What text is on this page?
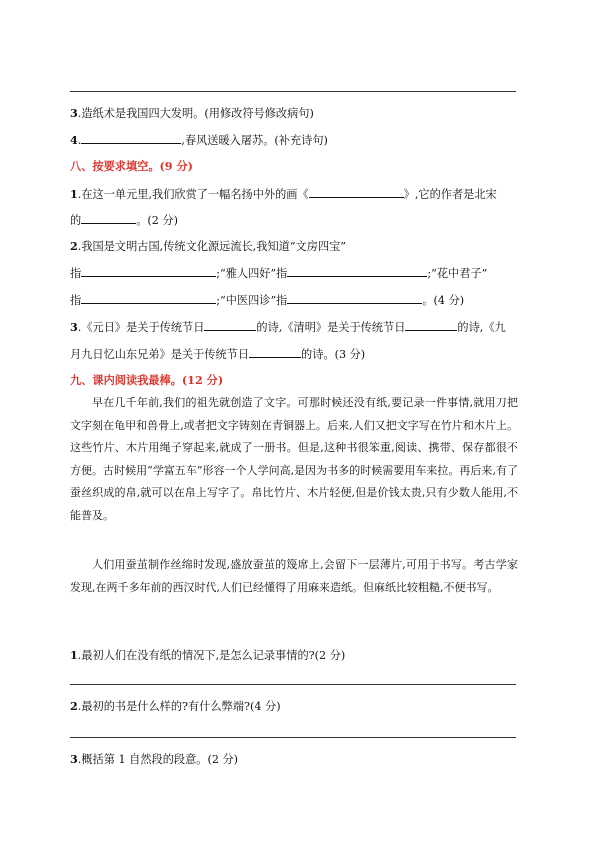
3.造纸术是我国四大发明。(用修改符号修改病句)
4.	,春风送暖入屠苏。(补充诗句)
八、按要求填空。(9 分)
1.在这一单元里,我们欣赏了一幅名扬中外的画《	》,它的作者是北宋
的	。(2 分)
2.我国是文明古国,传统文化源远流长,我知道“文房四宝”
指	;“雅人四好”指	;“花中君子”
指	;“中医四诊”指	。(4 分)
3.《元日》是关于传统节日	的诗,《清明》是关于传统节日	的诗,《九
月九日忆山东兄弟》是关于传统节日	的诗。(3 分)
九、课内阅读我最棒。(12 分)
早在几千年前,我们的祖先就创造了文字。可那时候还没有纸,要记录一件事情,就用刀把文字刻在龟甲和兽骨上,或者把文字铸刻在青铜器上。后来,人们又把文字写在竹片和木片上。这些竹片、木片用绳子穿起来,就成了一册书。但是,这种书很笨重,阅读、携带、保存都很不方便。古时候用“学富五车”形容一个人学问高,是因为书多的时候需要用车来拉。再后来,有了蚕丝织成的帛,就可以在帛上写字了。帛比竹片、木片轻便,但是价钱太贵,只有少数人能用,不能普及。
人们用蚕茧制作丝绵时发现,盛放蚕茧的篾席上,会留下一层薄片,可用于书写。考古学家发现,在两千多年前的西汉时代,人们已经懂得了用麻来造纸。但麻纸比较粗糙,不便书写。
1.最初人们在没有纸的情况下,是怎么记录事情的?(2 分)
2.最初的书是什么样的?有什么弊端?(4 分)
3.概括第 1 自然段的段意。(2 分)
